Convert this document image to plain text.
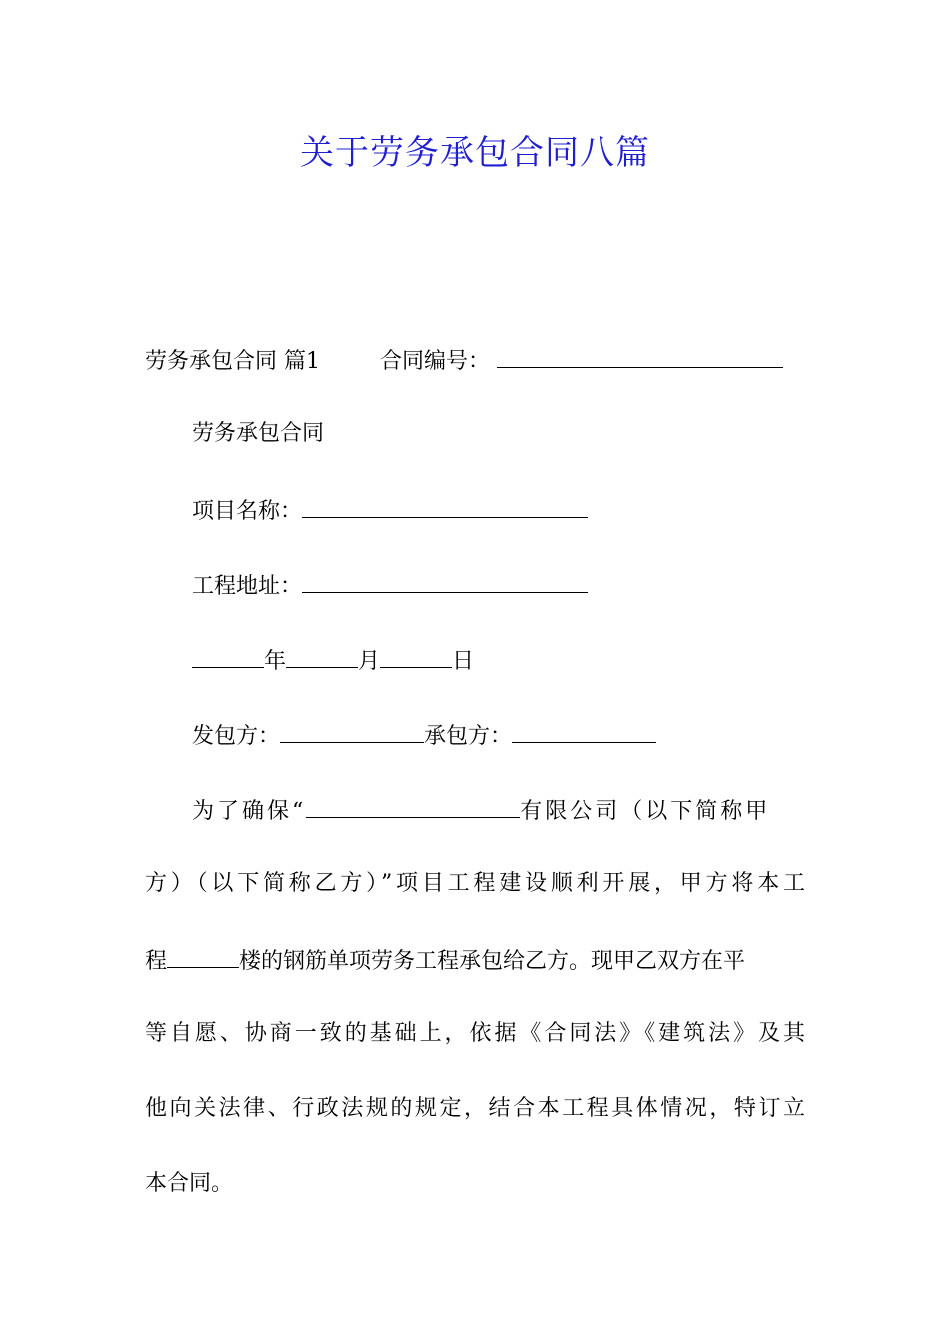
关于劳务承包合同八篇
劳务承包合同 篇1	合同编号：
劳务承包合同
项目名称：
工程地址：
年	月	日
发包方：	承包方：
为了确保“	有限公司（以下简称甲
方）（以下简称乙方）”项目工程建设顺利开展，甲方将本工
程	楼的钢筋单项劳务工程承包给乙方。现甲乙双方在平
等自愿、协商一致的基础上，依据《合同法》《建筑法》及其
他向关法律、行政法规的规定，结合本工程具体情况，特订立
本合同。
